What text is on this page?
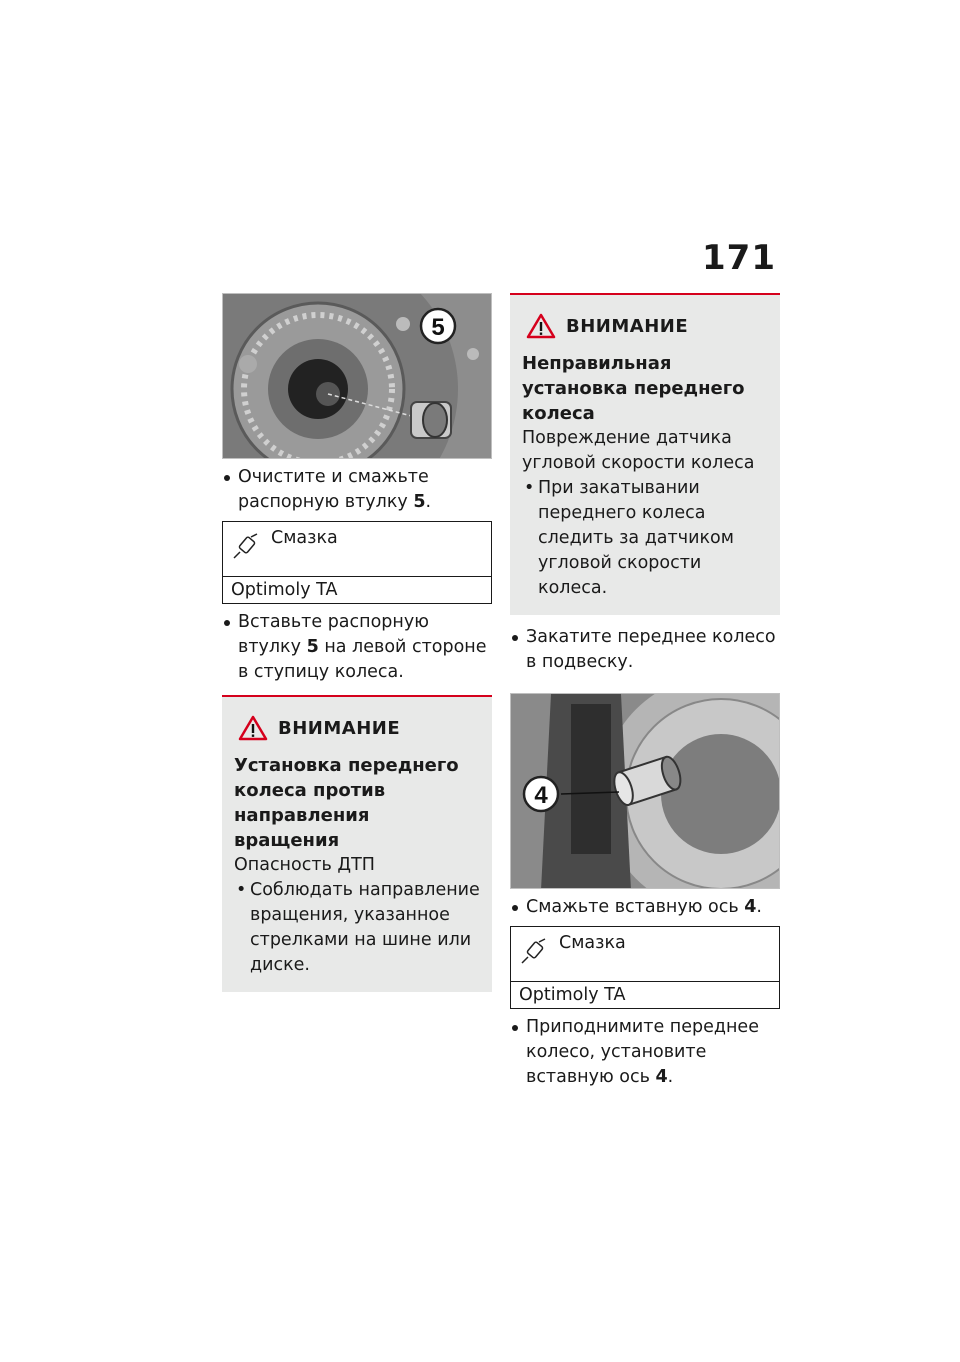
171
5
Очистите и смажьте распорную втулку 5.
Смазка
Optimoly TA
Вставьте распорную втулку 5 на левой стороне в ступицу колеса.
ВНИМАНИЕ
Установка переднего колеса против направления вращения
Опасность ДТП
• Соблюдать направление вращения, указанное стрелками на шине или диске.
ВНИМАНИЕ
Неправильная установка переднего колеса
Повреждение датчика угловой скорости колеса
• При закатывании переднего колеса следить за датчиком угловой скорости колеса.
Закатите переднее колесо в подвеску.
4
Смажьте вставную ось 4.
Смазка
Optimoly TA
Приподнимите переднее колесо, установите вставную ось 4.
